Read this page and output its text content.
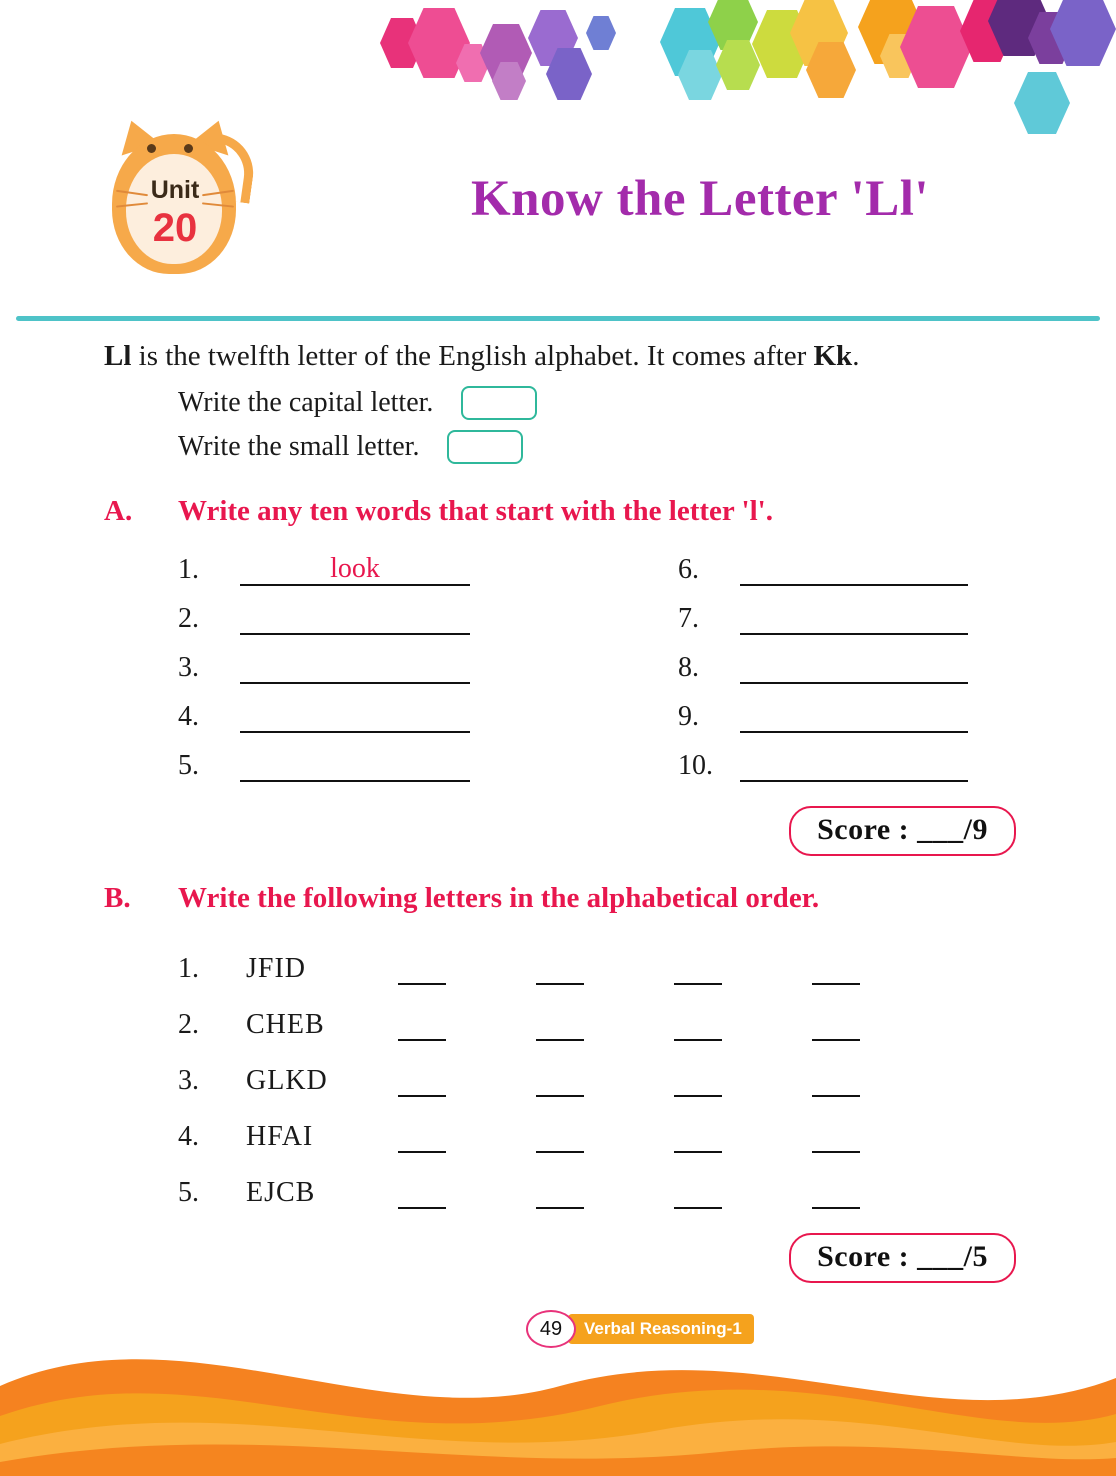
Unit
20
Know the Letter 'Ll'

Ll is the twelfth letter of the English alphabet. It comes after Kk.

Write the capital letter.
Write the small letter.
A.	Write any ten words that start with the letter 'l'.
1.	look	6.
2.	7.
3.	8.
4.	9.
5.	10.
Score : ___/9
B.	Write the following letters in the alphabetical order.
1.	JFID
2.	CHEB
3.	GLKD
4.	HFAI
5.	EJCB
Score : ___/5
49	Verbal Reasoning-1
